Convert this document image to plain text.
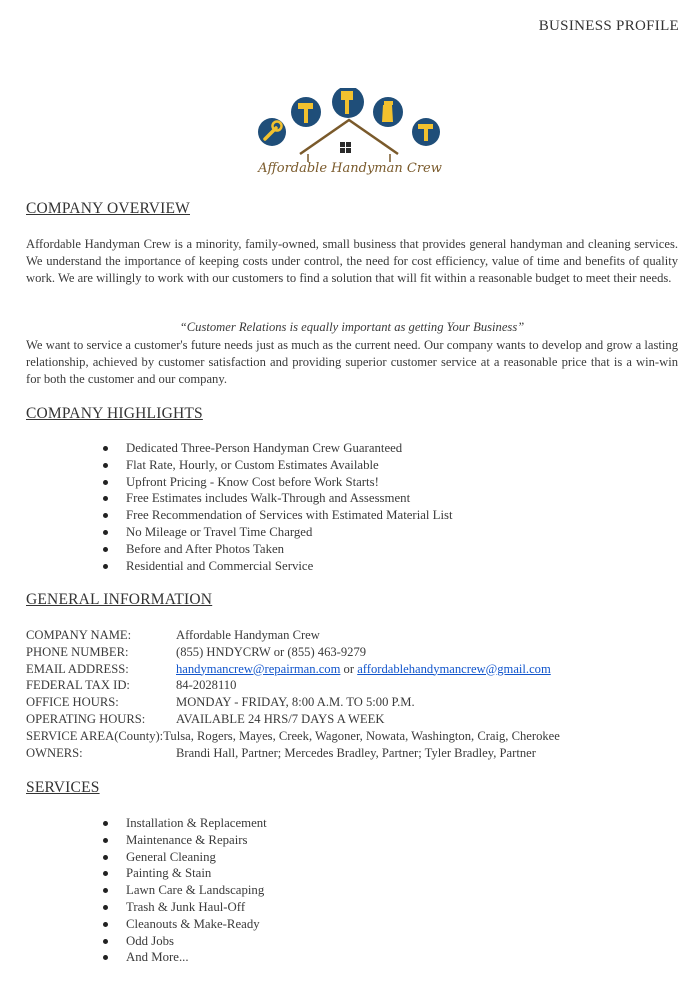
BUSINESS PROFILE
Affordable Handyman Crew
COMPANY OVERVIEW

Affordable Handyman Crew is a minority, family-owned, small business that provides general handyman and cleaning services. We understand the importance of keeping costs under control, the need for cost efficiency, value of time and benefits of quality work. We are willingly to work with our customers to find a solution that will fit within a reasonable budget to meet their needs.

“Customer Relations is equally important as getting Your Business”

We want to service a customer's future needs just as much as the current need. Our company wants to develop and grow a lasting relationship, achieved by customer satisfaction and providing superior customer service at a reasonable price that is a win-win for both the customer and our company.

COMPANY HIGHLIGHTS
Dedicated Three-Person Handyman Crew Guaranteed
Flat Rate, Hourly, or Custom Estimates Available
Upfront Pricing - Know Cost before Work Starts!
Free Estimates includes Walk-Through and Assessment
Free Recommendation of Services with Estimated Material List
No Mileage or Travel Time Charged
Before and After Photos Taken
Residential and Commercial Service
GENERAL INFORMATION
COMPANY NAME:	Affordable Handyman Crew
PHONE NUMBER:	(855) HNDYCRW or (855) 463-9279
EMAIL ADDRESS:	handymancrew@repairman.com or affordablehandymancrew@gmail.com
FEDERAL TAX ID:	84-2028110
OFFICE HOURS:	MONDAY - FRIDAY, 8:00 A.M. TO 5:00 P.M.
OPERATING HOURS:	AVAILABLE 24 HRS/7 DAYS A WEEK
SERVICE AREA(County): Tulsa, Rogers, Mayes, Creek, Wagoner, Nowata, Washington, Craig, Cherokee
OWNERS:	Brandi Hall, Partner; Mercedes Bradley, Partner; Tyler Bradley, Partner
SERVICES
Installation & Replacement
Maintenance & Repairs
General Cleaning
Painting & Stain
Lawn Care & Landscaping
Trash & Junk Haul-Off
Cleanouts & Make-Ready
Odd Jobs
And More...
